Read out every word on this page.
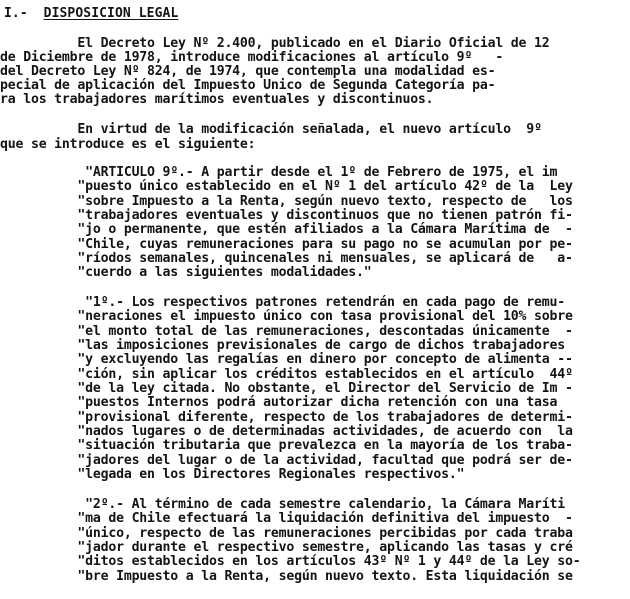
I.- DISPOSICION LEGAL
El Decreto Ley Nº 2.400, publicado en el Diario Oficial de 12
de Diciembre de 1978, introduce modificaciones al artículo 9º   -
del Decreto Ley Nº 824, de 1974, que contempla una modalidad es-
pecial de aplicación del Impuesto Unico de Segunda Categoría pa-
ra los trabajadores marítimos eventuales y discontinuos.
En virtud de la modificación señalada, el nuevo artículo  9º
que se introduce es el siguiente:
"ARTICULO 9º.- A partir desde el 1º de Febrero de 1975, el im
"puesto único establecido en el Nº 1 del artículo 42º de la  Ley
"sobre Impuesto a la Renta, según nuevo texto, respecto de   los
"trabajadores eventuales y discontinuos que no tienen patrón fi-
"jo o permanente, que estén afiliados a la Cámara Marítima de  -
"Chile, cuyas remuneraciones para su pago no se acumulan por pe-
"ríodos semanales, quincenales ni mensuales, se aplicará de   a-
"cuerdo a las siguientes modalidades."
"1º.- Los respectivos patrones retendrán en cada pago de remu-
"neraciones el impuesto único con tasa provisional del 10% sobre
"el monto total de las remuneraciones, descontadas únicamente  -
"las imposiciones previsionales de cargo de dichos trabajadores
"y excluyendo las regalías en dinero por concepto de alimenta --
"ción, sin aplicar los créditos establecidos en el artículo  44º
"de la ley citada. No obstante, el Director del Servicio de Im -
"puestos Internos podrá autorizar dicha retención con una tasa
"provisional diferente, respecto de los trabajadores de determi-
"nados lugares o de determinadas actividades, de acuerdo con  la
"situación tributaria que prevalezca en la mayoría de los traba-
"jadores del lugar o de la actividad, facultad que podrá ser de-
"legada en los Directores Regionales respectivos."
"2º.- Al término de cada semestre calendario, la Cámara Maríti
"ma de Chile efectuará la liquidación definitiva del impuesto  -
"único, respecto de las remuneraciones percibidas por cada traba
"jador durante el respectivo semestre, aplicando las tasas y cré
"ditos establecidos en los artículos 43º Nº 1 y 44º de la Ley so-
"bre Impuesto a la Renta, según nuevo texto. Esta liquidación se
